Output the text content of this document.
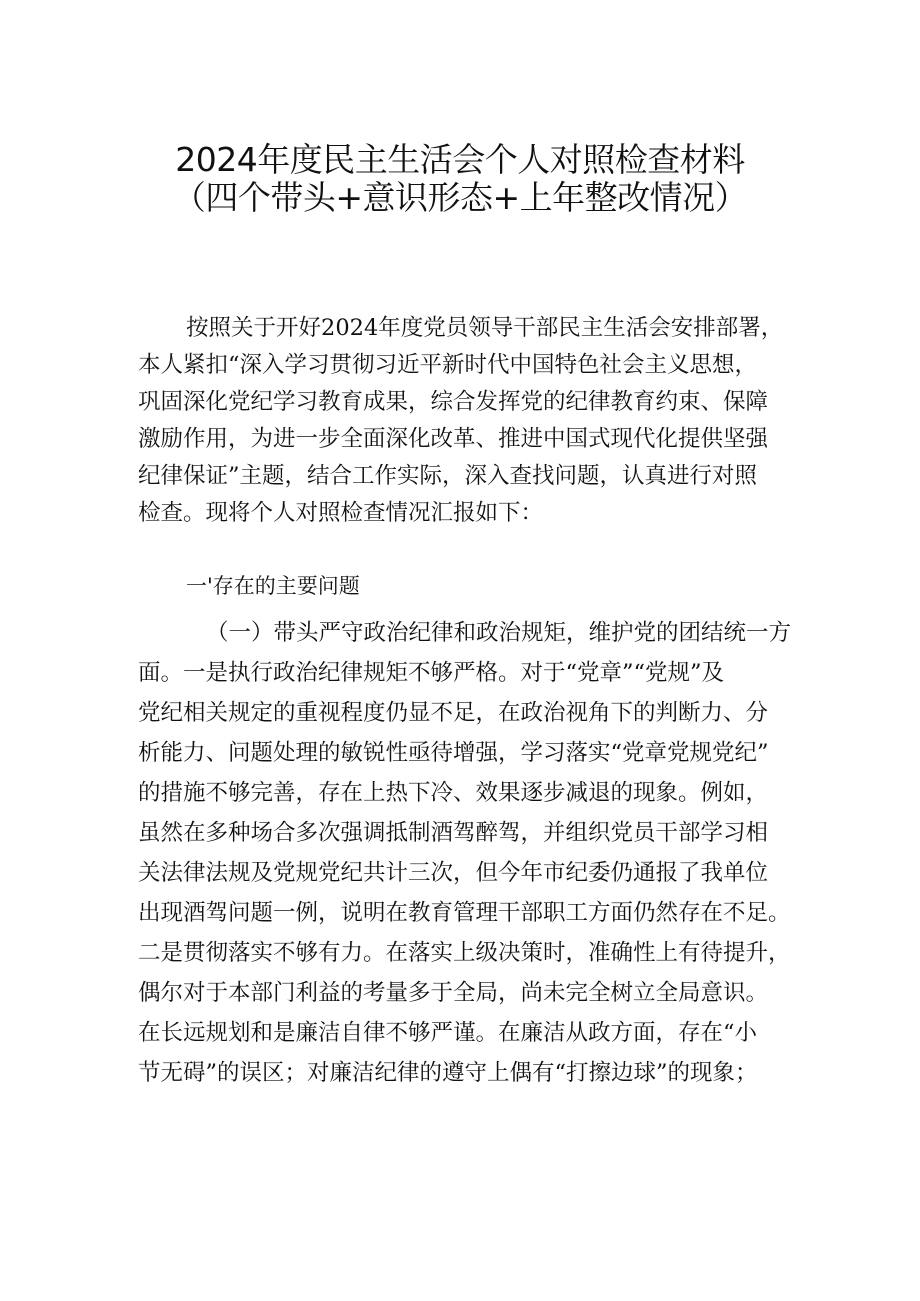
2024年度民主生活会个人对照检查材料
（四个带头+意识形态+上年整改情况）
按照关于开好2024年度党员领导干部民主生活会安排部署，
本人紧扣“深入学习贯彻习近平新时代中国特色社会主义思想，
巩固深化党纪学习教育成果，综合发挥党的纪律教育约束、保障
激励作用，为进一步全面深化改革、推进中国式现代化提供坚强
纪律保证”主题，结合工作实际，深入查找问题，认真进行对照
检查。现将个人对照检查情况汇报如下：
一'存在的主要问题
（一）带头严守政治纪律和政治规矩，维护党的团结统一方
面。一是执行政治纪律规矩不够严格。对于“党章”“党规”及
党纪相关规定的重视程度仍显不足，在政治视角下的判断力、分
析能力、问题处理的敏锐性亟待增强，学习落实“党章党规党纪”
的措施不够完善，存在上热下冷、效果逐步减退的现象。例如，
虽然在多种场合多次强调抵制酒驾醉驾，并组织党员干部学习相
关法律法规及党规党纪共计三次，但今年市纪委仍通报了我单位
出现酒驾问题一例，说明在教育管理干部职工方面仍然存在不足。
二是贯彻落实不够有力。在落实上级决策时，准确性上有待提升，
偶尔对于本部门利益的考量多于全局，尚未完全树立全局意识。
在长远规划和是廉洁自律不够严谨。在廉洁从政方面，存在“小
节无碍”的误区；对廉洁纪律的遵守上偶有“打擦边球”的现象；
